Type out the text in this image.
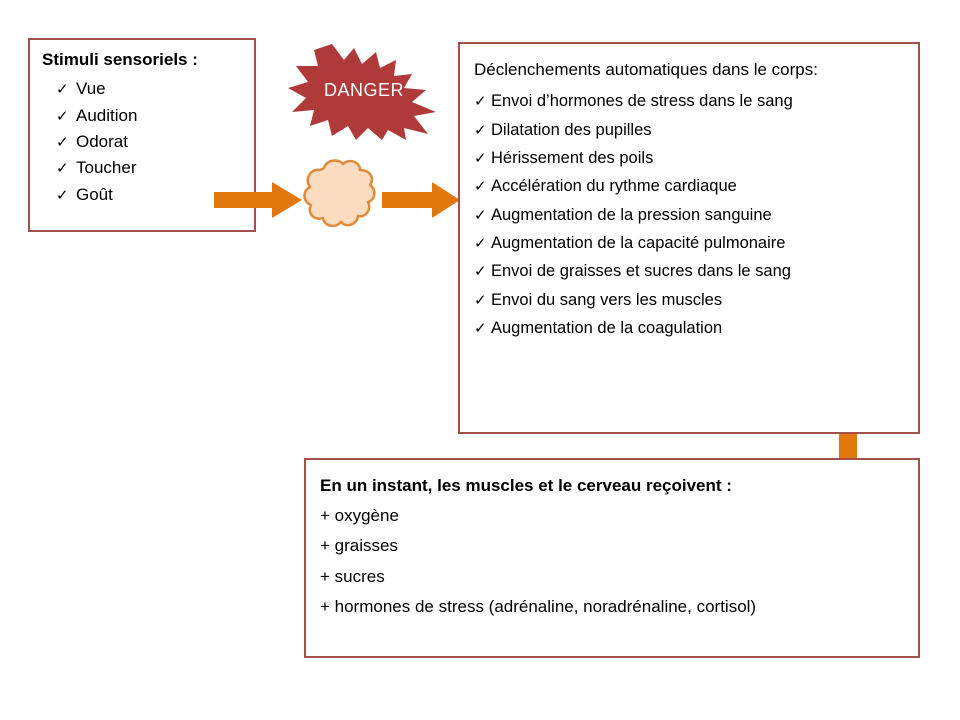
Stimuli sensoriels :

✓ Vue
✓ Audition
✓ Odorat
✓ Toucher
✓ Goût
DANGER

Déclenchements automatiques dans le corps:

✓ Envoi d’hormones de stress dans le sang
✓ Dilatation des pupilles
✓ Hérissement des poils
✓ Accélération du rythme cardiaque
✓ Augmentation de la pression sanguine
✓ Augmentation de la capacité pulmonaire
✓ Envoi de graisses et sucres dans le sang
✓ Envoi du sang vers les muscles
✓ Augmentation de la coagulation

En un instant, les muscles et le cerveau reçoivent :

+ oxygène
+ graisses
+ sucres
+ hormones de stress (adrénaline, noradrénaline, cortisol)
